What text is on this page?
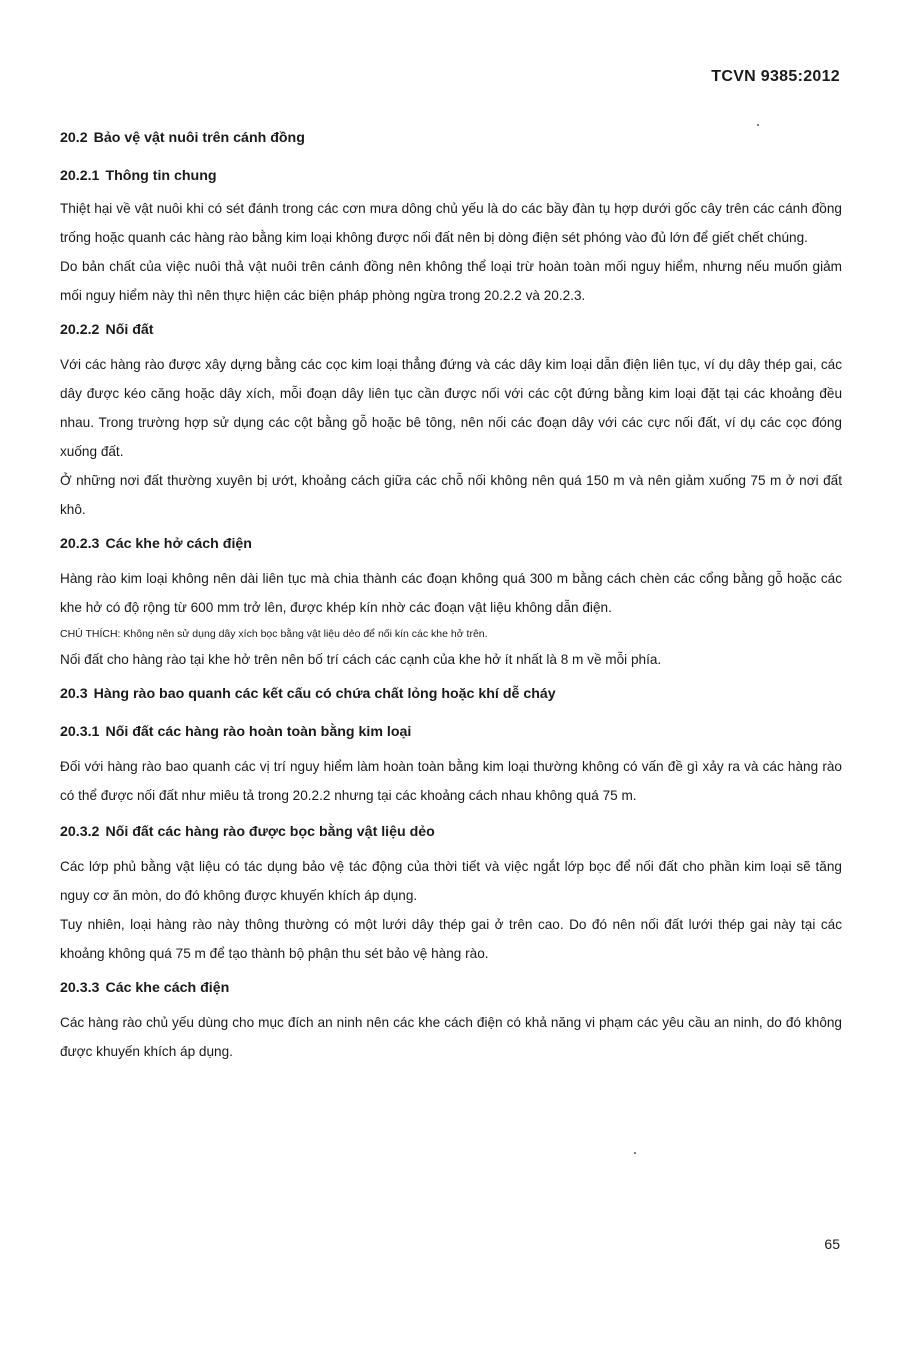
TCVN 9385:2012
20.2 Bảo vệ vật nuôi trên cánh đồng
20.2.1 Thông tin chung

Thiệt hại về vật nuôi khi có sét đánh trong các cơn mưa dông chủ yếu là do các bầy đàn tụ hợp dưới gốc cây trên các cánh đồng trống hoặc quanh các hàng rào bằng kim loại không được nối đất nên bị dòng điện sét phóng vào đủ lớn để giết chết chúng.

Do bản chất của việc nuôi thả vật nuôi trên cánh đồng nên không thể loại trừ hoàn toàn mối nguy hiểm, nhưng nếu muốn giảm mối nguy hiểm này thì nên thực hiện các biện pháp phòng ngừa trong 20.2.2 và 20.2.3.

20.2.2 Nối đất

Với các hàng rào được xây dựng bằng các cọc kim loại thẳng đứng và các dây kim loại dẫn điện liên tục, ví dụ dây thép gai, các dây được kéo căng hoặc dây xích, mỗi đoạn dây liên tục cần được nối với các cột đứng bằng kim loại đặt tại các khoảng đều nhau. Trong trường hợp sử dụng các cột bằng gỗ hoặc bê tông, nên nối các đoạn dây với các cực nối đất, ví dụ các cọc đóng xuống đất.

Ở những nơi đất thường xuyên bị ướt, khoảng cách giữa các chỗ nối không nên quá 150 m và nên giảm xuống 75 m ở nơi đất khô.

20.2.3 Các khe hở cách điện

Hàng rào kim loại không nên dài liên tục mà chia thành các đoạn không quá 300 m bằng cách chèn các cổng bằng gỗ hoặc các khe hở có độ rộng từ 600 mm trở lên, được khép kín nhờ các đoạn vật liệu không dẫn điện.

CHÚ THÍCH: Không nên sử dụng dây xích bọc bằng vật liệu dẻo để nối kín các khe hở trên.

Nối đất cho hàng rào tại khe hở trên nên bố trí cách các cạnh của khe hở ít nhất là 8 m về mỗi phía.

20.3 Hàng rào bao quanh các kết cấu có chứa chất lỏng hoặc khí dễ cháy
20.3.1 Nối đất các hàng rào hoàn toàn bằng kim loại

Đối với hàng rào bao quanh các vị trí nguy hiểm làm hoàn toàn bằng kim loại thường không có vấn đề gì xảy ra và các hàng rào có thể được nối đất như miêu tả trong 20.2.2 nhưng tại các khoảng cách nhau không quá 75 m.

20.3.2 Nối đất các hàng rào được bọc bằng vật liệu dẻo

Các lớp phủ bằng vật liệu có tác dụng bảo vệ tác động của thời tiết và việc ngắt lớp bọc để nối đất cho phần kim loại sẽ tăng nguy cơ ăn mòn, do đó không được khuyến khích áp dụng.

Tuy nhiên, loại hàng rào này thông thường có một lưới dây thép gai ở trên cao. Do đó nên nối đất lưới thép gai này tại các khoảng không quá 75 m để tạo thành bộ phận thu sét bảo vệ hàng rào.

20.3.3 Các khe cách điện

Các hàng rào chủ yếu dùng cho mục đích an ninh nên các khe cách điện có khả năng vi phạm các yêu cầu an ninh, do đó không được khuyến khích áp dụng.

65
